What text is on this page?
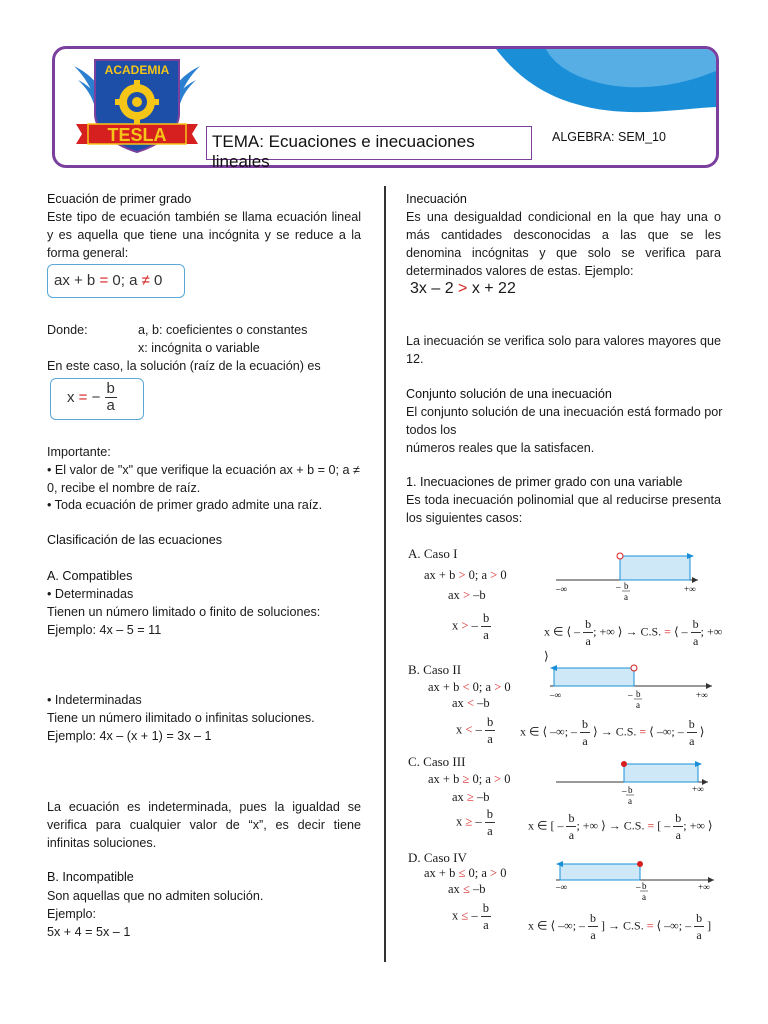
ACADEMIA
TESLA	TEMA: Ecuaciones e inecuaciones lineales
ALGEBRA: SEM_10
Ecuación de primer grado
Este tipo de ecuación también se llama ecuación lineal y es aquella que tiene una incógnita y se reduce a la forma general:
ax + b = 0; a ≠ 0
Donde:	a, b: coeficientes o constantes
x: incógnita o variable
En este caso, la solución (raíz de la ecuación) es
x = − $\frac{b}{a}$
Importante:
• El valor de "x" que verifique la ecuación ax + b = 0; a ≠ 0, recibe el nombre de raíz.
• Toda ecuación de primer grado admite una raíz.
Clasificación de las ecuaciones
A. Compatibles
• Determinadas
Tienen un número limitado o finito de soluciones:
Ejemplo: 4x – 5 = 11
• Indeterminadas
Tiene un número ilimitado o infinitas soluciones.
Ejemplo: 4x – (x + 1) = 3x – 1
La ecuación es indeterminada, pues la igualdad se verifica para cualquier valor de “x”, es decir tiene infinitas soluciones.
B. Incompatible
Son aquellas que no admiten solución.
Ejemplo:
5x + 4 = 5x – 1
Inecuación
Es una desigualdad condicional en la que hay una o más cantidades desconocidas a las que se les denomina incógnitas y que solo se verifica para determinados valores de estas. Ejemplo:
3x – 2 > x + 22
La inecuación se verifica solo para valores mayores que 12.
Conjunto solución de una inecuación
El conjunto solución de una inecuación está formado por todos los
números reales que la satisfacen.
1. Inecuaciones de primer grado con una variable
Es toda inecuación polinomial que al reducirse presenta los siguientes casos:
A. Caso I
ax + b > 0; a > 0
ax > –b
x > – $\frac{b}{a}$
–∞	+∞
– b
a
x ∈ ⟨ – $\frac{b}{a}$ ; +∞ ⟩ → C.S. = ⟨ – $\frac{b}{a}$ ; +∞ ⟩
B. Caso II
ax + b < 0; a > 0
ax < –b
x < – $\frac{b}{a}$
–∞	+∞
– b
a
x ∈ ⟨ –∞; – $\frac{b}{a}$ ⟩ → C.S. = ⟨ –∞; – $\frac{b}{a}$ ⟩
C. Caso III
ax + b ≥ 0; a > 0
ax ≥ –b
x ≥ – $\frac{b}{a}$
– b
a
+∞
x ∈ [ – $\frac{b}{a}$ ; +∞ ⟩ → C.S. = [ – $\frac{b}{a}$ ; +∞ ⟩
D. Caso IV
ax + b ≤ 0; a > 0
ax ≤ –b
x ≤ – $\frac{b}{a}$
–∞	+∞
– b
a
x ∈ ⟨ –∞; – $\frac{b}{a}$ ] → C.S. = ⟨ –∞; – $\frac{b}{a}$ ]
